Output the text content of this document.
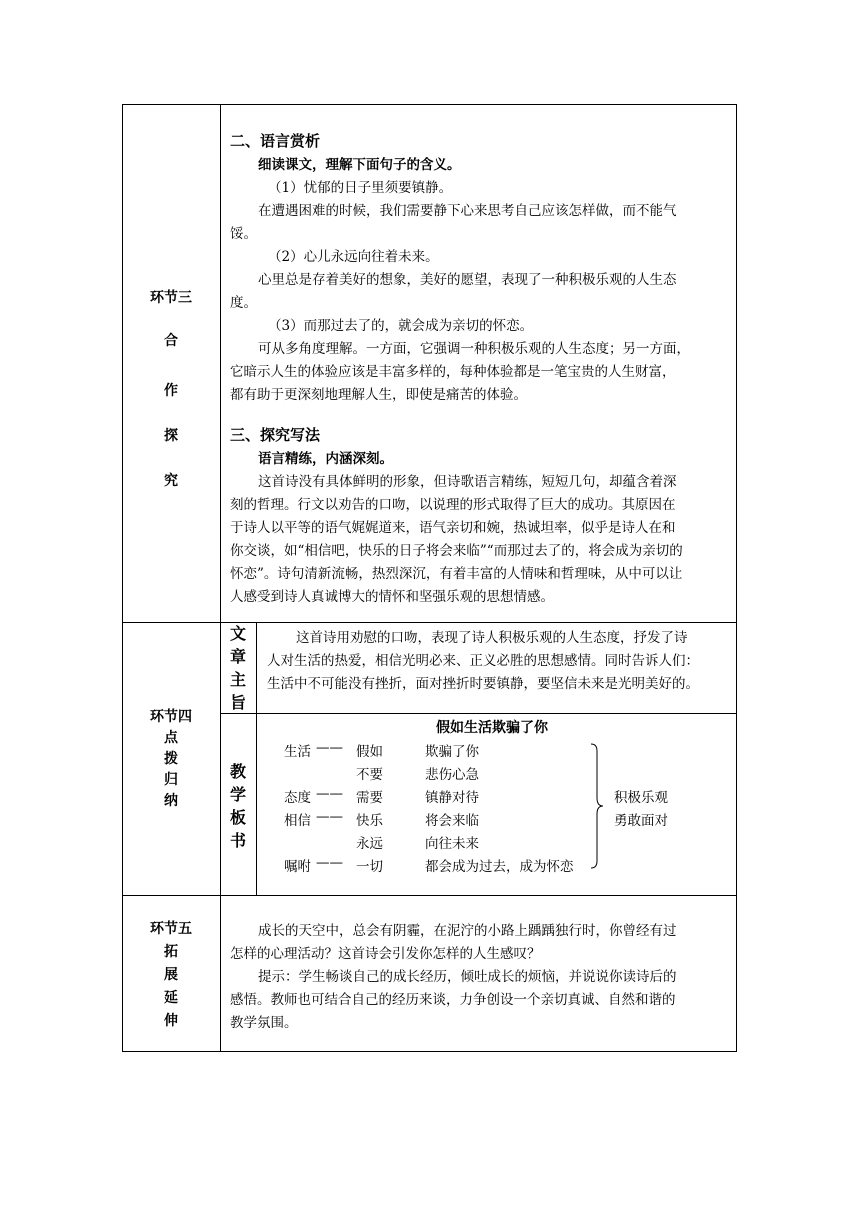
环节三
合
作
探
究
二、语言赏析
细读课文，理解下面句子的含义。
（1）忧郁的日子里须要镇静。
在遭遇困难的时候，我们需要静下心来思考自己应该怎样做，而不能气
馁。
（2）心儿永远向往着未来。
心里总是存着美好的想象，美好的愿望，表现了一种积极乐观的人生态
度。
（3）而那过去了的，就会成为亲切的怀恋。
可从多角度理解。一方面，它强调一种积极乐观的人生态度；另一方面，
它暗示人生的体验应该是丰富多样的，每种体验都是一笔宝贵的人生财富，
都有助于更深刻地理解人生，即使是痛苦的体验。
三、探究写法
语言精练，内涵深刻。
这首诗没有具体鲜明的形象，但诗歌语言精练，短短几句，却蕴含着深
刻的哲理。行文以劝告的口吻，以说理的形式取得了巨大的成功。其原因在
于诗人以平等的语气娓娓道来，语气亲切和婉，热诚坦率，似乎是诗人在和
你交谈，如“相信吧，快乐的日子将会来临”“而那过去了的，将会成为亲切的
怀恋”。诗句清新流畅，热烈深沉，有着丰富的人情味和哲理味，从中可以让
人感受到诗人真诚博大的情怀和坚强乐观的思想情感。
环节四
点
拨
归
纳
文
章
主
旨
这首诗用劝慰的口吻，表现了诗人积极乐观的人生态度，抒发了诗
人对生活的热爱，相信光明必来、正义必胜的思想感情。同时告诉人们：
生活中不可能没有挫折，面对挫折时要镇静，要坚信未来是光明美好的。
教
学
板
书
假如生活欺骗了你
生活 —— 假如	欺骗了你
不要	悲伤心急
态度 —— 需要	镇静对待
相信 —— 快乐	将会来临
永远	向往未来
嘱咐 —— 一切	都会成为过去，成为怀恋
积极乐观
勇敢面对
环节五
拓
展
延
伸
成长的天空中，总会有阴霾，在泥泞的小路上踽踽独行时，你曾经有过
怎样的心理活动？这首诗会引发你怎样的人生感叹？
提示：学生畅谈自己的成长经历，倾吐成长的烦恼，并说说你读诗后的
感悟。教师也可结合自己的经历来谈，力争创设一个亲切真诚、自然和谐的
教学氛围。
